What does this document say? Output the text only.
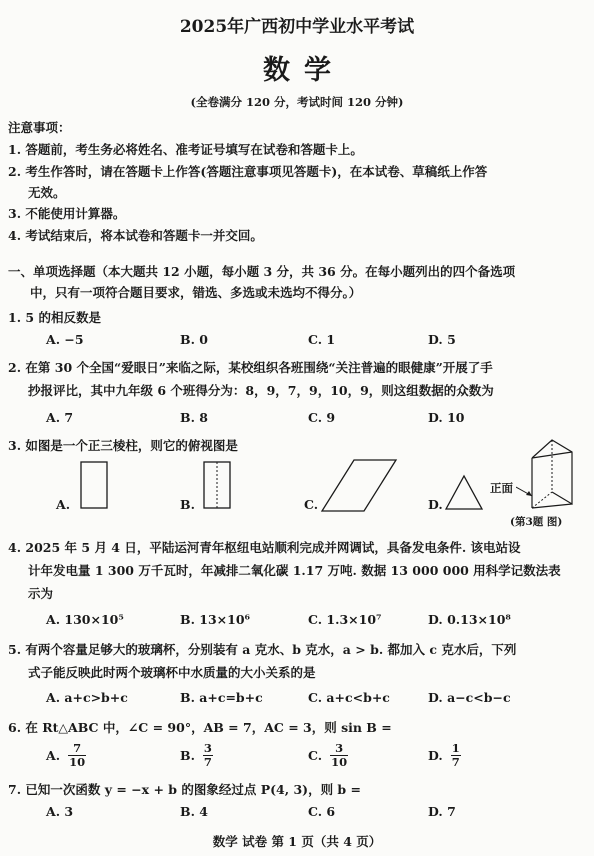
2025年广西初中学业水平考试
数学
(全卷满分 120 分，考试时间 120 分钟)
注意事项：
1. 答题前，考生务必将姓名、准考证号填写在试卷和答题卡上。
2. 考生作答时，请在答题卡上作答(答题注意事项见答题卡)，在本试卷、草稿纸上作答
无效。
3. 不能使用计算器。
4. 考试结束后，将本试卷和答题卡一并交回。
一、单项选择题（本大题共 12 小题，每小题 3 分，共 36 分。在每小题列出的四个备选项
中，只有一项符合题目要求，错选、多选或未选均不得分。）
1. 5 的相反数是
A. −5	B. 0	C. 1	D. 5
2. 在第 30 个全国“爱眼日”来临之际，某校组织各班围绕“关注普遍的眼健康”开展了手
抄报评比，其中九年级 6 个班得分为：8，9，7，9，10，9，则这组数据的众数为
A. 7	B. 8	C. 9	D. 10
3. 如图是一个正三棱柱，则它的俯视图是
A.	B.	C.	D.
正面
(第3题 图)
4. 2025 年 5 月 4 日，平陆运河青年枢纽电站顺利完成并网调试，具备发电条件. 该电站设
计年发电量 1 300 万千瓦时，年减排二氧化碳 1.17 万吨. 数据 13 000 000 用科学记数法表
示为
A. 130×10⁵	B. 13×10⁶	C. 1.3×10⁷	D. 0.13×10⁸
5. 有两个容量足够大的玻璃杯，分别装有 a 克水、b 克水，a > b. 都加入 c 克水后，下列
式子能反映此时两个玻璃杯中水质量的大小关系的是
A. a+c>b+c	B. a+c=b+c	C. a+c<b+c	D. a−c<b−c
6. 在 Rt△ABC 中，∠C = 90°，AB = 7，AC = 3，则 sin B =
A. $\frac{7}{10}$	B. $\frac{3}{7}$	C. $\frac{3}{10}$	D. $\frac{1}{7}$
7. 已知一次函数 y = −x + b 的图象经过点 P(4, 3)，则 b =
A. 3	B. 4	C. 6	D. 7
数学 试卷 第 1 页（共 4 页）
